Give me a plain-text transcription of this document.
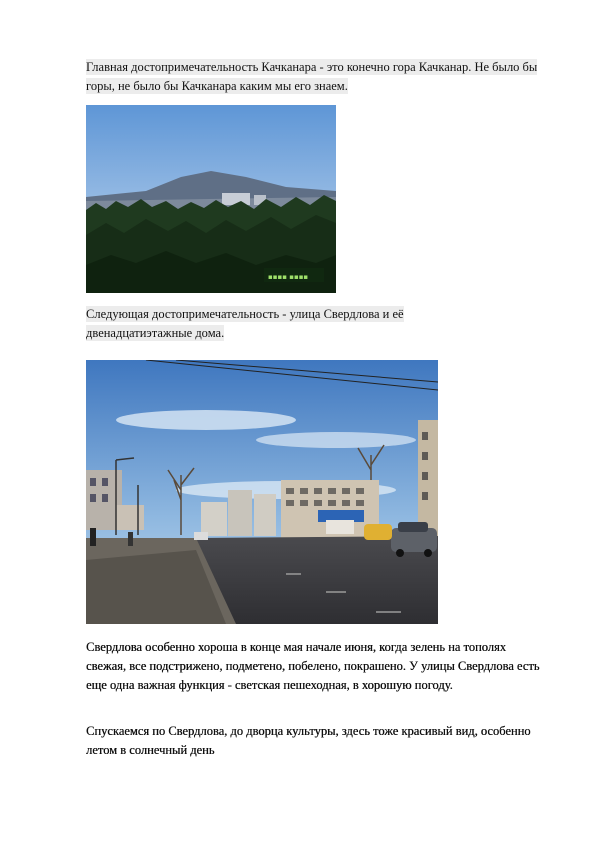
Главная достопримечательность Качканара - это конечно гора Качканар. Не было бы горы, не было бы Качканара каким мы его знаем.

▪▪▪▪ ▪▪▪▪

Следующая достопримечательность - улица Свердлова и её двенадцатиэтажные дома.

Свердлова особенно хороша в конце мая начале июня, когда зелень на тополях свежая, все подстрижено, подметено, побелено, покрашено. У улицы Свердлова есть еще одна важная функция - светская пешеходная, в хорошую погоду.

Спускаемся по Свердлова, до дворца культуры, здесь тоже красивый вид, особенно летом в солнечный день
